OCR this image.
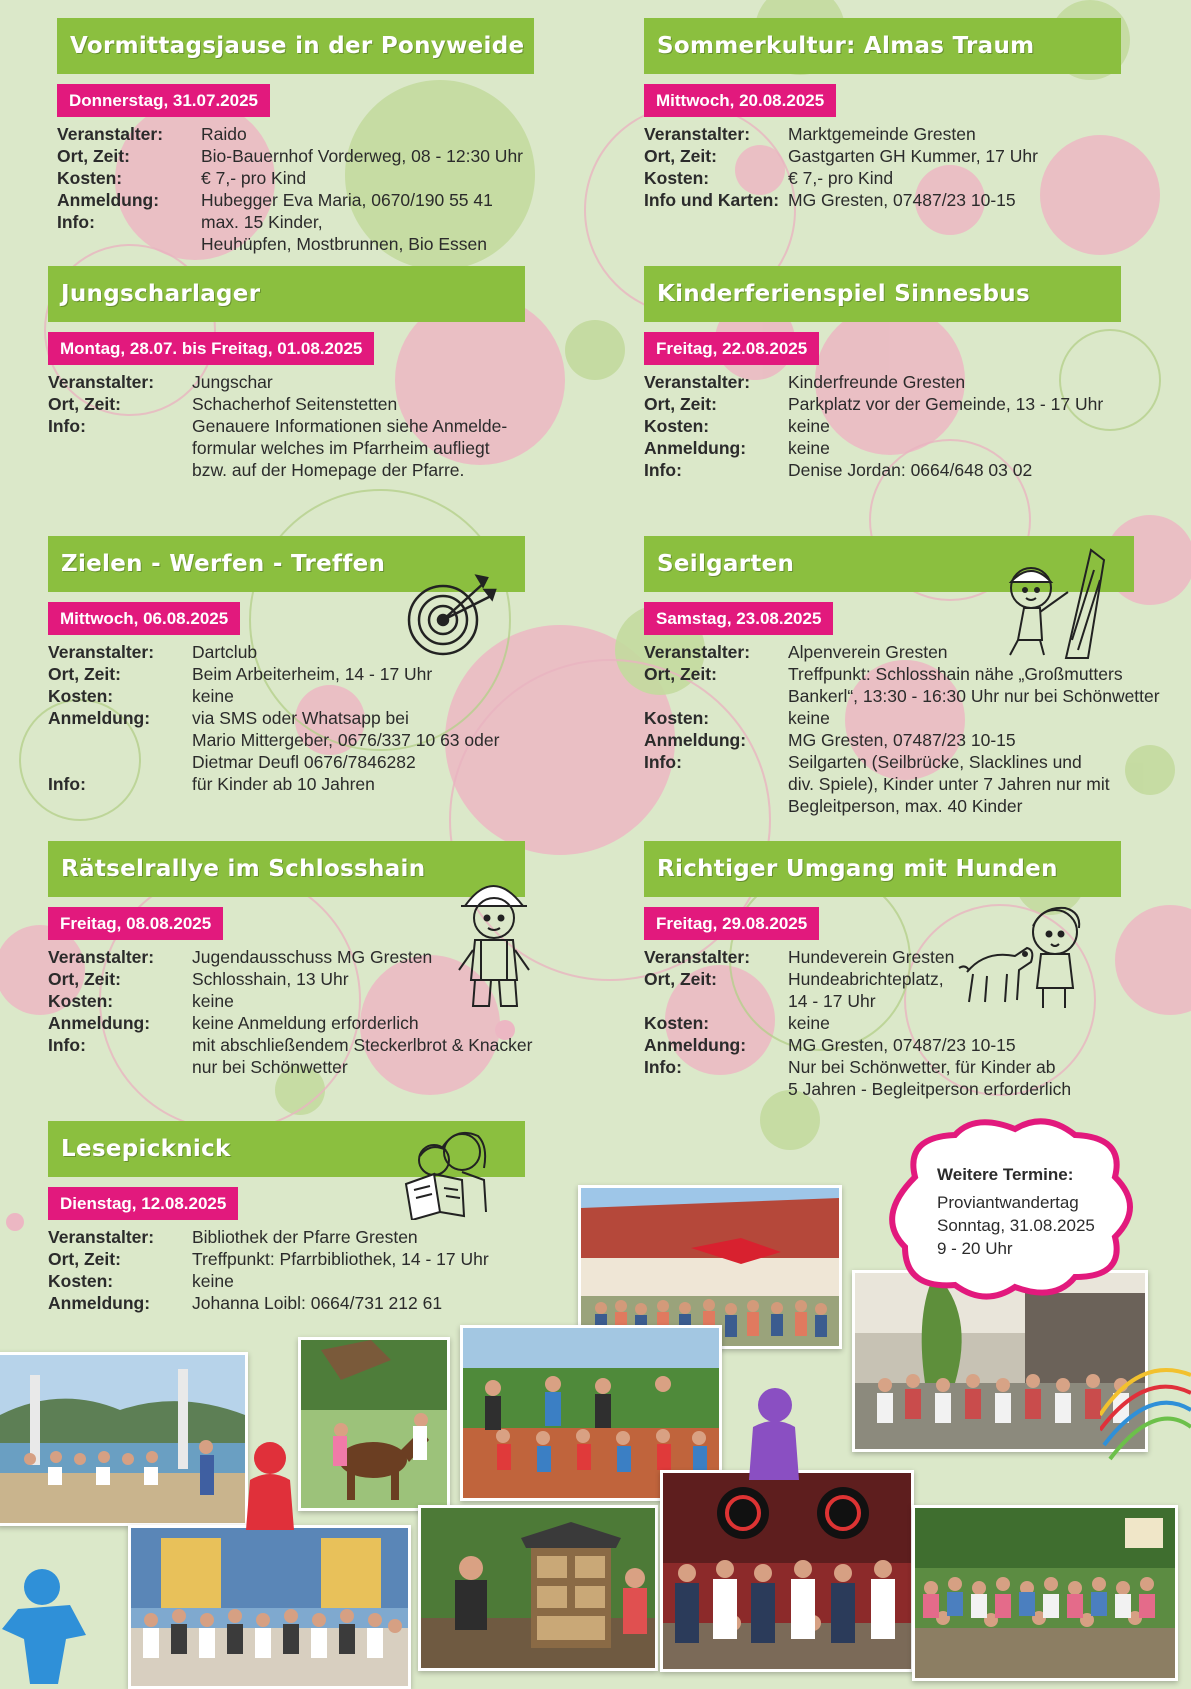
Vormittagsjause in der Ponyweide
Donnerstag, 31.07.2025
Veranstalter:	Raido
Ort, Zeit:	Bio-Bauernhof Vorderweg, 08 - 12:30 Uhr
Kosten:	€ 7,- pro Kind
Anmeldung:	Hubegger Eva Maria, 0670/190 55 41
Info:	max. 15 Kinder,
Heuhüpfen, Mostbrunnen, Bio Essen
Sommerkultur: Almas Traum
Mittwoch, 20.08.2025
Veranstalter:	Marktgemeinde Gresten
Ort, Zeit:	Gastgarten GH Kummer, 17 Uhr
Kosten:	€ 7,- pro Kind
Info und Karten: MG Gresten, 07487/23 10-15
Jungscharlager
Montag, 28.07. bis Freitag, 01.08.2025
Veranstalter:	Jungschar
Ort, Zeit:	Schacherhof Seitenstetten
Info:	Genauere Informationen siehe Anmelde-
formular welches im Pfarrheim aufliegt
bzw. auf der Homepage der Pfarre.
Kinderferienspiel Sinnesbus
Freitag, 22.08.2025
Veranstalter:	Kinderfreunde Gresten
Ort, Zeit:	Parkplatz vor der Gemeinde, 13 - 17 Uhr
Kosten:	keine
Anmeldung:	keine
Info:	Denise Jordan: 0664/648 03 02
Zielen - Werfen - Treffen
Mittwoch, 06.08.2025
Veranstalter:	Dartclub
Ort, Zeit:	Beim Arbeiterheim, 14 - 17 Uhr
Kosten:	keine
Anmeldung:	via SMS oder Whatsapp bei
Mario Mittergeber, 0676/337 10 63 oder
Dietmar Deufl 0676/7846282
Info:	für Kinder ab 10 Jahren
Seilgarten
Samstag, 23.08.2025
Veranstalter:	Alpenverein Gresten
Ort, Zeit:	Treffpunkt: Schlosshain nähe „Großmutters
Bankerl“, 13:30 - 16:30 Uhr nur bei Schönwetter
Kosten:	keine
Anmeldung:	MG Gresten, 07487/23 10-15
Info:	Seilgarten (Seilbrücke, Slacklines und
div. Spiele), Kinder unter 7 Jahren nur mit
Begleitperson, max. 40 Kinder
Rätselrallye im Schlosshain
Freitag, 08.08.2025
Veranstalter:	Jugendausschuss MG Gresten
Ort, Zeit:	Schlosshain, 13 Uhr
Kosten:	keine
Anmeldung:	keine Anmeldung erforderlich
Info:	mit abschließendem Steckerlbrot & Knacker
nur bei Schönwetter
Richtiger Umgang mit Hunden
Freitag, 29.08.2025
Veranstalter:	Hundeverein Gresten
Ort, Zeit:	Hundeabrichteplatz,
14 - 17 Uhr
Kosten:	keine
Anmeldung:	MG Gresten, 07487/23 10-15
Info:	Nur bei Schönwetter, für Kinder ab
5 Jahren - Begleitperson erforderlich
Lesepicknick
Dienstag, 12.08.2025
Veranstalter:	Bibliothek der Pfarre Gresten
Ort, Zeit:	Treffpunkt: Pfarrbibliothek, 14 - 17 Uhr
Kosten:	keine
Anmeldung:	Johanna Loibl: 0664/731 212 61
Weitere Termine:
Proviantwandertag
Sonntag, 31.08.2025
9 - 20 Uhr
